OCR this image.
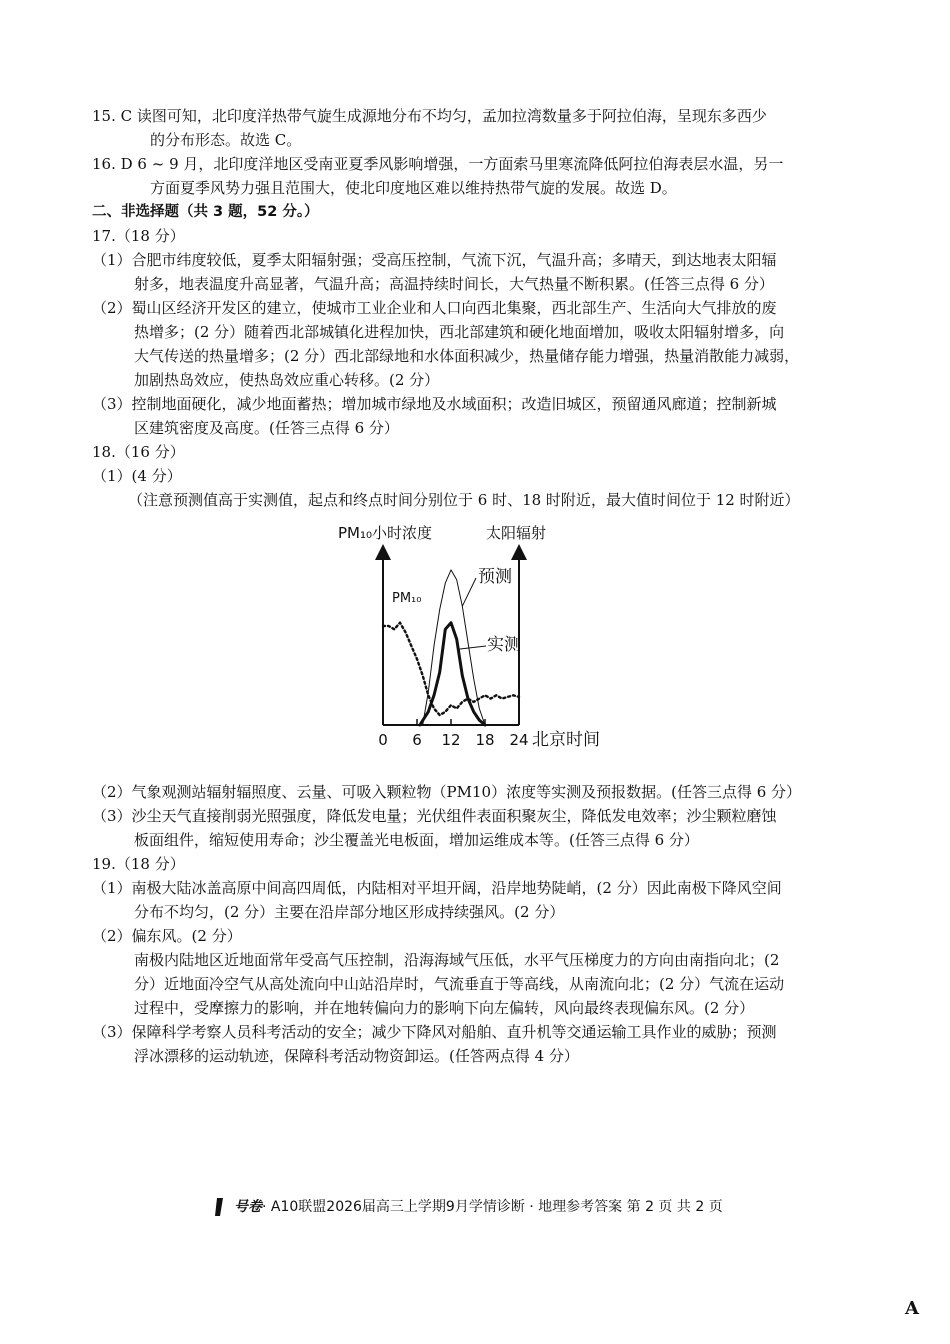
15. C 读图可知，北印度洋热带气旋生成源地分布不均匀，孟加拉湾数量多于阿拉伯海，呈现东多西少
的分布形态。故选 C。
16. D 6 ~ 9 月，北印度洋地区受南亚夏季风影响增强，一方面索马里寒流降低阿拉伯海表层水温，另一
方面夏季风势力强且范围大，使北印度地区难以维持热带气旋的发展。故选 D。
二、非选择题（共 3 题，52 分。）
17.（18 分）
（1）合肥市纬度较低，夏季太阳辐射强；受高压控制，气流下沉，气温升高；多晴天，到达地表太阳辐
射多，地表温度升高显著，气温升高；高温持续时间长，大气热量不断积累。(任答三点得 6 分）
（2）蜀山区经济开发区的建立，使城市工业企业和人口向西北集聚，西北部生产、生活向大气排放的废
热增多；(2 分）随着西北部城镇化进程加快，西北部建筑和硬化地面增加，吸收太阳辐射增多，向
大气传送的热量增多；(2 分）西北部绿地和水体面积减少，热量储存能力增强，热量消散能力减弱，
加剧热岛效应，使热岛效应重心转移。(2 分）
（3）控制地面硬化，减少地面蓄热；增加城市绿地及水域面积；改造旧城区，预留通风廊道；控制新城
区建筑密度及高度。(任答三点得 6 分）
18.（16 分）
（1）(4 分）
（注意预测值高于实测值，起点和终点时间分别位于 6 时、18 时附近，最大值时间位于 12 时附近）
PM₁₀小时浓度	太阳辐射
北京时间
0 6 12 18 24
预测
实测
PM₁₀
（2）气象观测站辐射辐照度、云量、可吸入颗粒物（PM10）浓度等实测及预报数据。(任答三点得 6 分）
（3）沙尘天气直接削弱光照强度，降低发电量；光伏组件表面积聚灰尘，降低发电效率；沙尘颗粒磨蚀
板面组件，缩短使用寿命；沙尘覆盖光电板面，增加运维成本等。(任答三点得 6 分）
19.（18 分）
（1）南极大陆冰盖高原中间高四周低，内陆相对平坦开阔，沿岸地势陡峭，(2 分）因此南极下降风空间
分布不均匀，(2 分）主要在沿岸部分地区形成持续强风。(2 分）
（2）偏东风。(2 分）
南极内陆地区近地面常年受高气压控制，沿海海域气压低，水平气压梯度力的方向由南指向北；(2
分）近地面冷空气从高处流向中山站沿岸时，气流垂直于等高线，从南流向北；(2 分）气流在运动
过程中，受摩擦力的影响，并在地转偏向力的影响下向左偏转，风向最终表现偏东风。(2 分）
（3）保障科学考察人员科考活动的安全；减少下降风对船舶、直升机等交通运输工具作业的威胁；预测
浮冰漂移的运动轨迹，保障科考活动物资卸运。(任答两点得 4 分）
号卷· A10联盟2026届高三上学期9月学情诊断 · 地理参考答案 第 2 页 共 2 页
A
